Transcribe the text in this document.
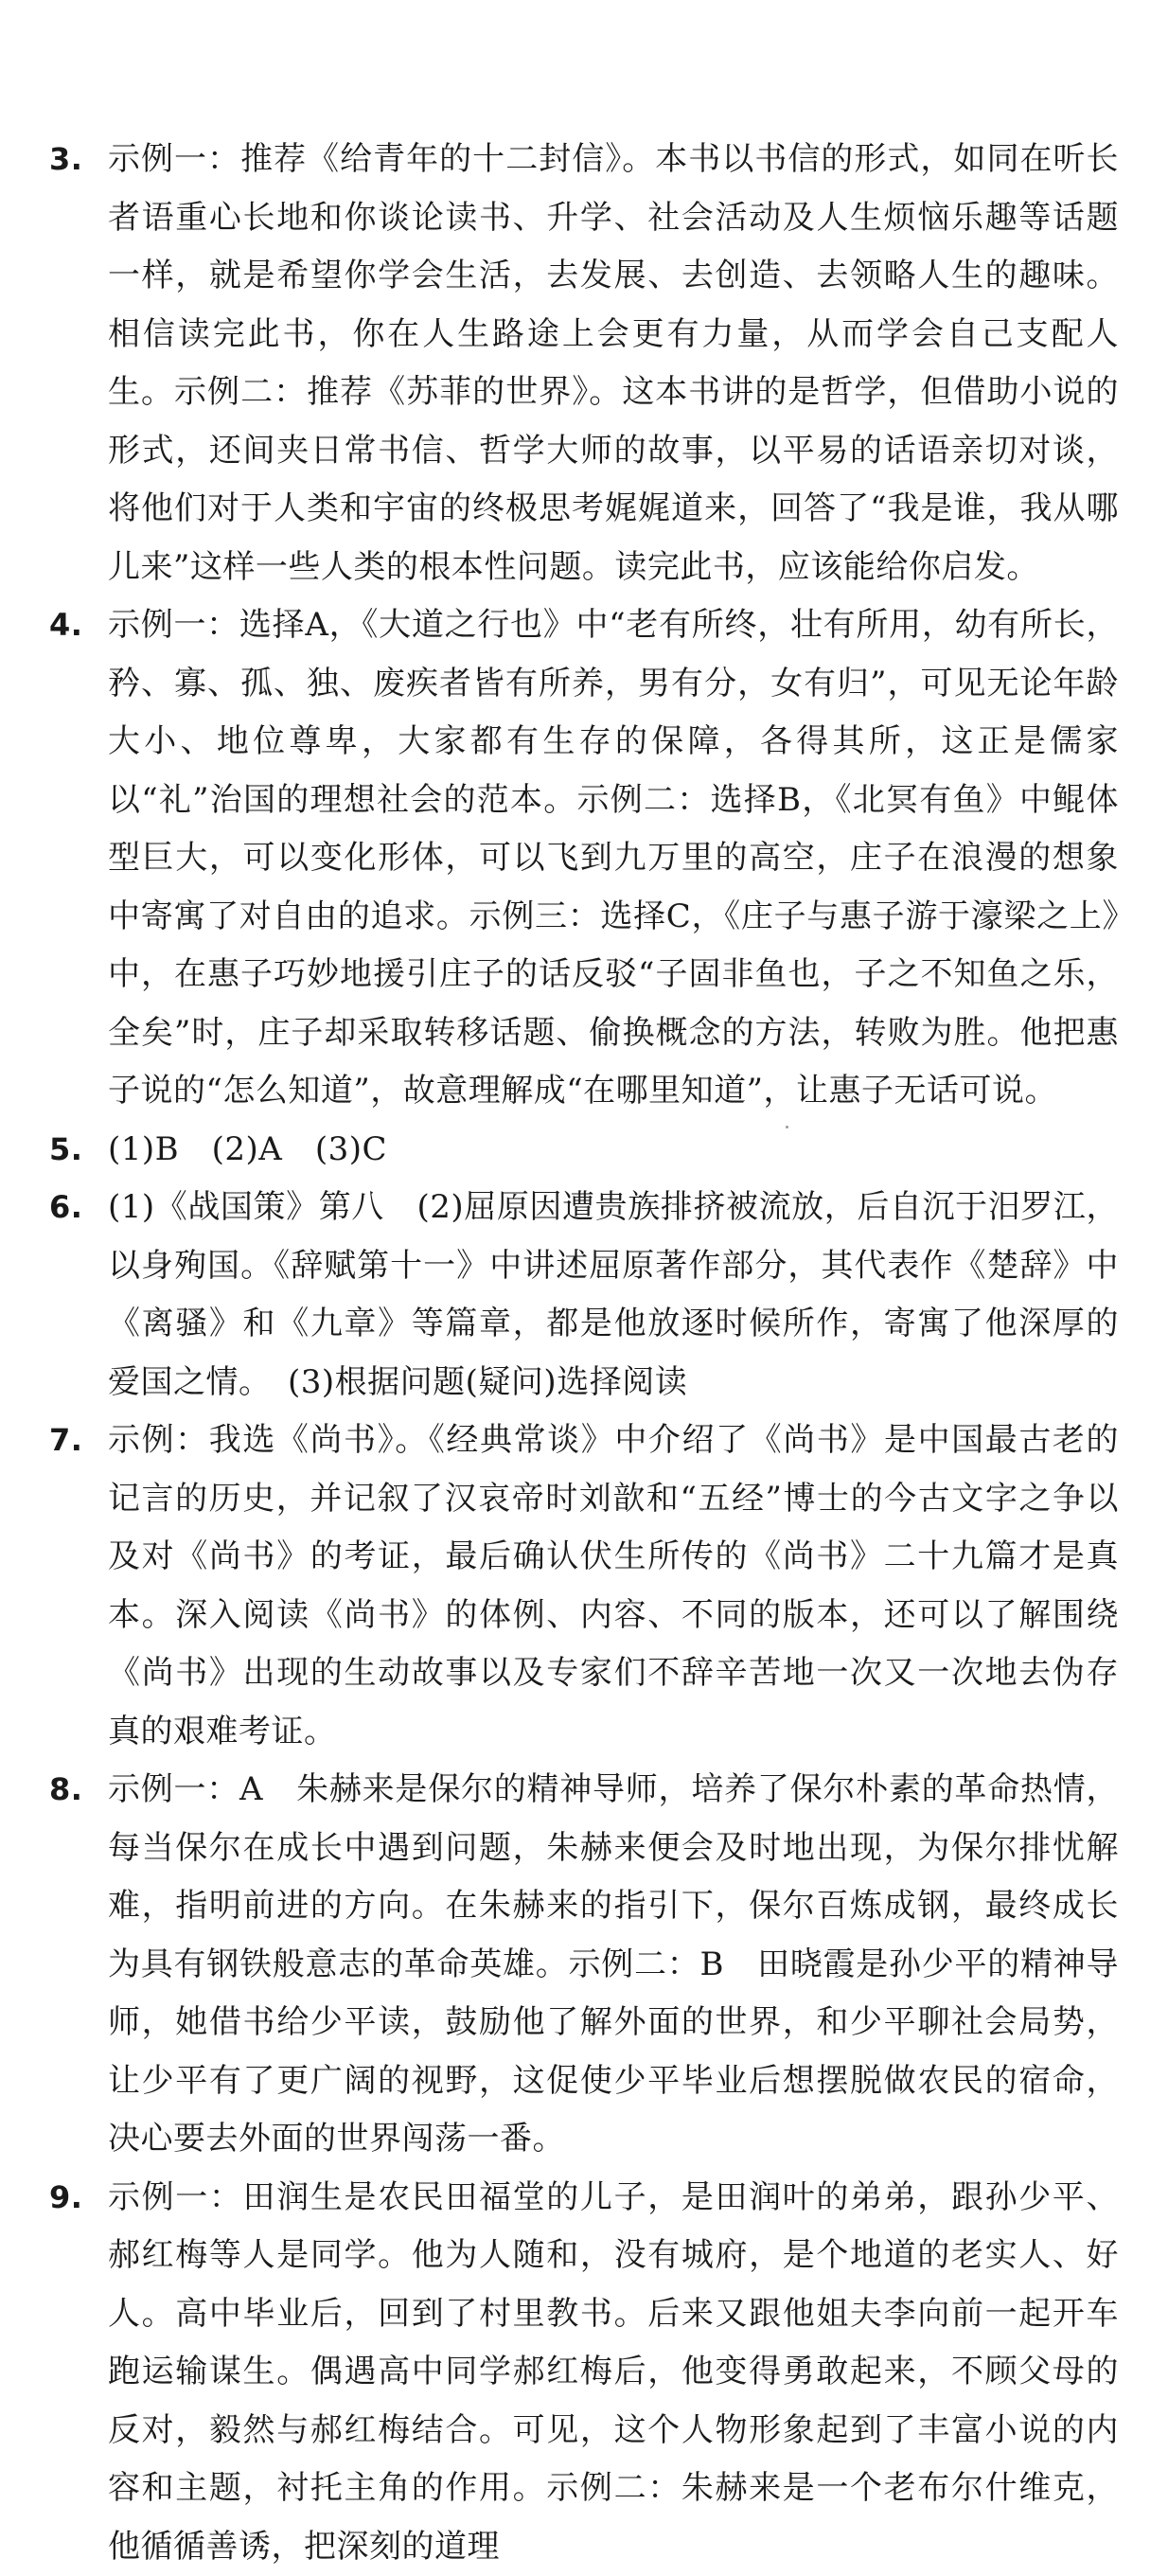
3. 示例一：推荐《给青年的十二封信》。本书以书信的形式，如同在听长者语重心长地和你谈论读书、升学、社会活动及人生烦恼乐趣等话题一样，就是希望你学会生活，去发展、去创造、去领略人生的趣味。相信读完此书，你在人生路途上会更有力量，从而学会自己支配人生。示例二：推荐《苏菲的世界》。这本书讲的是哲学，但借助小说的形式，还间夹日常书信、哲学大师的故事，以平易的话语亲切对谈，将他们对于人类和宇宙的终极思考娓娓道来，回答了“我是谁，我从哪儿来”这样一些人类的根本性问题。读完此书，应该能给你启发。

4. 示例一：选择A，《大道之行也》中“老有所终，壮有所用，幼有所长，矜、寡、孤、独、废疾者皆有所养，男有分，女有归”，可见无论年龄大小、地位尊卑，大家都有生存的保障，各得其所，这正是儒家以“礼”治国的理想社会的范本。示例二：选择B，《北冥有鱼》中鲲体型巨大，可以变化形体，可以飞到九万里的高空，庄子在浪漫的想象中寄寓了对自由的追求。示例三：选择C，《庄子与惠子游于濠梁之上》中，在惠子巧妙地援引庄子的话反驳“子固非鱼也，子之不知鱼之乐，全矣”时，庄子却采取转移话题、偷换概念的方法，转败为胜。他把惠子说的“怎么知道”，故意理解成“在哪里知道”，让惠子无话可说。

5. (1)B　(2)A　(3)C

6. (1)《战国策》第八　(2)屈原因遭贵族排挤被流放，后自沉于汨罗江，以身殉国。《辞赋第十一》中讲述屈原著作部分，其代表作《楚辞》中《离骚》和《九章》等篇章，都是他放逐时候所作，寄寓了他深厚的爱国之情。　(3)根据问题(疑问)选择阅读

7. 示例：我选《尚书》。《经典常谈》中介绍了《尚书》是中国最古老的记言的历史，并记叙了汉哀帝时刘歆和“五经”博士的今古文字之争以及对《尚书》的考证，最后确认伏生所传的《尚书》二十九篇才是真本。深入阅读《尚书》的体例、内容、不同的版本，还可以了解围绕《尚书》出现的生动故事以及专家们不辞辛苦地一次又一次地去伪存真的艰难考证。

8. 示例一：A　朱赫来是保尔的精神导师，培养了保尔朴素的革命热情，每当保尔在成长中遇到问题，朱赫来便会及时地出现，为保尔排忧解难，指明前进的方向。在朱赫来的指引下，保尔百炼成钢，最终成长为具有钢铁般意志的革命英雄。示例二：B　田晓霞是孙少平的精神导师，她借书给少平读，鼓励他了解外面的世界，和少平聊社会局势，让少平有了更广阔的视野，这促使少平毕业后想摆脱做农民的宿命，决心要去外面的世界闯荡一番。

9. 示例一：田润生是农民田福堂的儿子，是田润叶的弟弟，跟孙少平、郝红梅等人是同学。他为人随和，没有城府，是个地道的老实人、好人。高中毕业后，回到了村里教书。后来又跟他姐夫李向前一起开车跑运输谋生。偶遇高中同学郝红梅后，他变得勇敢起来，不顾父母的反对，毅然与郝红梅结合。可见，这个人物形象起到了丰富小说的内容和主题，衬托主角的作用。示例二：朱赫来是一个老布尔什维克，他循循善诱，把深刻的道理
